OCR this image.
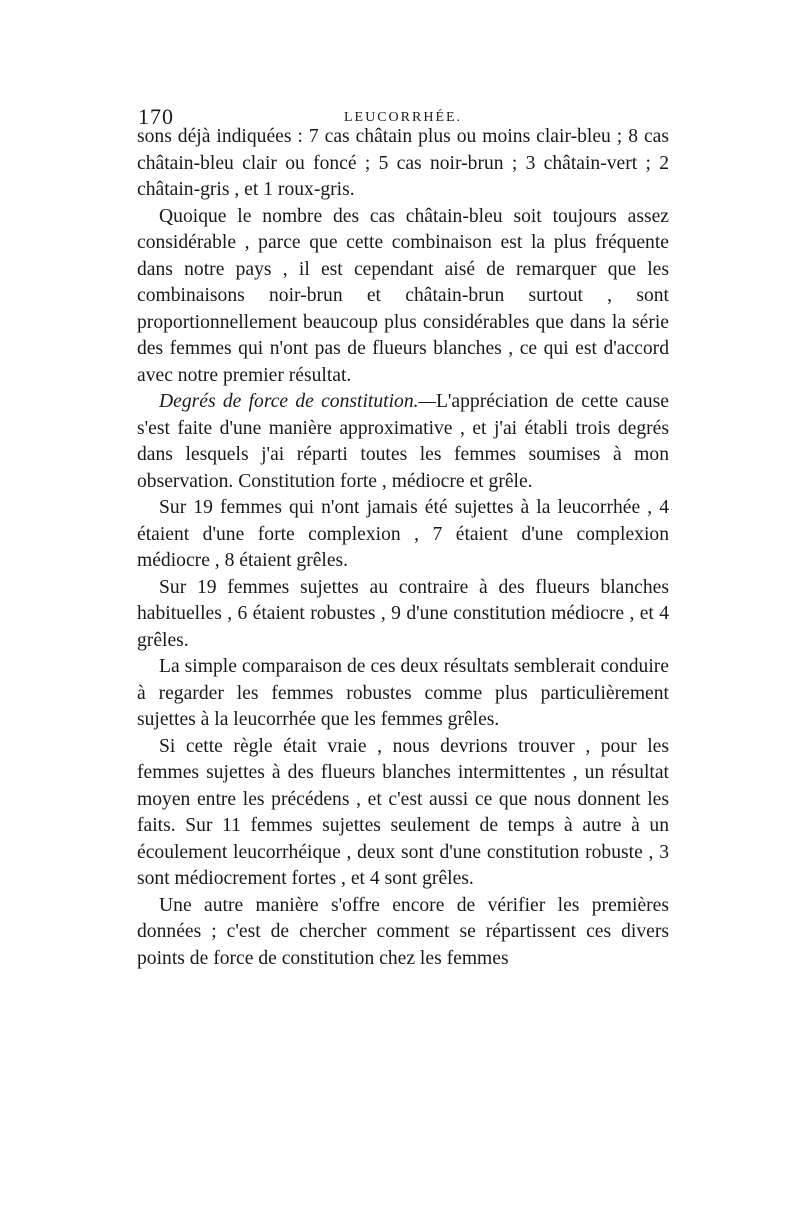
170	LEUCORRHÉE.

sons déjà indiquées : 7 cas châtain plus ou moins clair-bleu ; 8 cas châtain-bleu clair ou foncé ; 5 cas noir-brun ; 3 châtain-vert ; 2 châtain-gris , et 1 roux-gris.

Quoique le nombre des cas châtain-bleu soit toujours assez considérable , parce que cette combinaison est la plus fréquente dans notre pays , il est cependant aisé de remarquer que les combinaisons noir-brun et châtain-brun surtout , sont proportionnellement beaucoup plus considérables que dans la série des femmes qui n'ont pas de flueurs blanches , ce qui est d'accord avec notre premier résultat.

Degrés de force de constitution.—L'appréciation de cette cause s'est faite d'une manière approximative , et j'ai établi trois degrés dans lesquels j'ai réparti toutes les femmes soumises à mon observation. Constitution forte , médiocre et grêle.

Sur 19 femmes qui n'ont jamais été sujettes à la leucorrhée , 4 étaient d'une forte complexion , 7 étaient d'une complexion médiocre , 8 étaient grêles.

Sur 19 femmes sujettes au contraire à des flueurs blanches habituelles , 6 étaient robustes , 9 d'une constitution médiocre , et 4 grêles.

La simple comparaison de ces deux résultats semblerait conduire à regarder les femmes robustes comme plus particulièrement sujettes à la leucorrhée que les femmes grêles.

Si cette règle était vraie , nous devrions trouver , pour les femmes sujettes à des flueurs blanches intermittentes , un résultat moyen entre les précédens , et c'est aussi ce que nous donnent les faits. Sur 11 femmes sujettes seulement de temps à autre à un écoulement leucorrhéique , deux sont d'une constitution robuste , 3 sont médiocrement fortes , et 4 sont grêles.

Une autre manière s'offre encore de vérifier les premières données ; c'est de chercher comment se répartissent ces divers points de force de constitution chez les femmes
